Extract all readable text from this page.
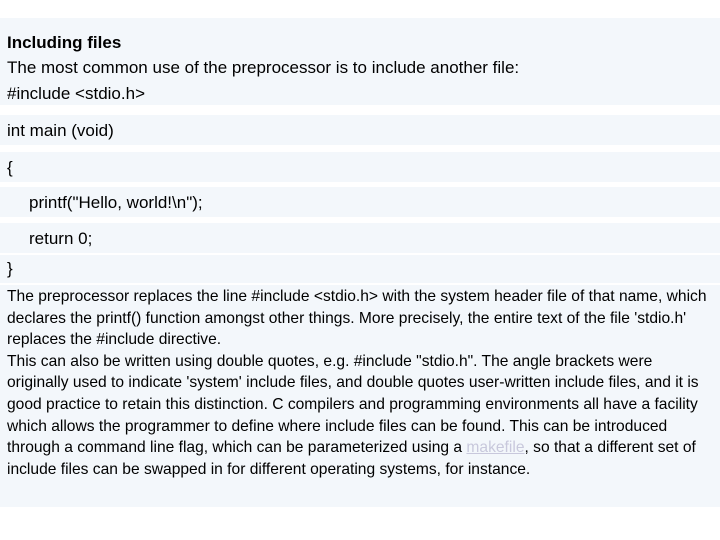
Including files
The most common use of the preprocessor is to include another file:
#include <stdio.h>
int main (void)
{
printf("Hello, world!\n");
return 0;
}

The preprocessor replaces the line #include <stdio.h> with the system header file of that name, which declares the printf() function amongst other things. More precisely, the entire text of the file 'stdio.h' replaces the #include directive.

This can also be written using double quotes, e.g. #include "stdio.h". The angle brackets were originally used to indicate 'system' include files, and double quotes user-written include files, and it is good practice to retain this distinction. C compilers and programming environments all have a facility which allows the programmer to define where include files can be found. This can be introduced through a command line flag, which can be parameterized using a makefile, so that a different set of include files can be swapped in for different operating systems, for instance.
